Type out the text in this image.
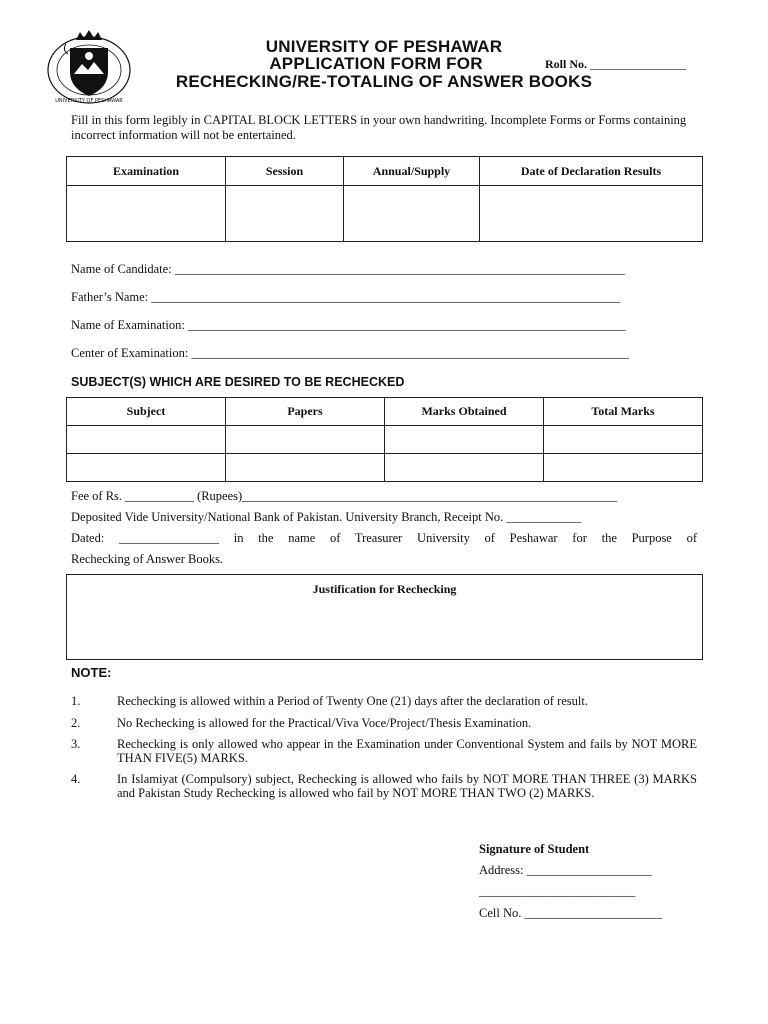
UNIVERSITY OF PESHAWAR
UNIVERSITY OF PESHAWAR
APPLICATION FORM FOR
RECHECKING/RE-TOTALING OF ANSWER BOOKS
Roll No. ________________
Fill in this form legibly in CAPITAL BLOCK LETTERS in your own handwriting. Incomplete Forms or Forms containing incorrect information will not be entertained.
Examination	Session	Annual/Supply	Date of Declaration Results

Name of Candidate: ________________________________________________________________________
Father’s Name: ___________________________________________________________________________
Name of Examination: ______________________________________________________________________
Center of Examination: ______________________________________________________________________
SUBJECT(S) WHICH ARE DESIRED TO BE RECHECKED
Subject	Papers	Marks Obtained	Total Marks

Fee of Rs. ___________ (Rupees)____________________________________________________________
Deposited Vide University/National Bank of Pakistan. University Branch, Receipt No. ____________
Dated: ________________ in the name of Treasurer University of Peshawar for the Purpose of
Rechecking of Answer Books.
Justification for Rechecking
NOTE:
1.	Rechecking is allowed within a Period of Twenty One (21) days after the declaration of result.
2.	No Rechecking is allowed for the Practical/Viva Voce/Project/Thesis Examination.
3.	Rechecking is only allowed who appear in the Examination under Conventional System and fails by NOT MORE THAN FIVE(5) MARKS.
4.	In Islamiyat (Compulsory) subject, Rechecking is allowed who fails by NOT MORE THAN THREE (3) MARKS and Pakistan Study Rechecking is allowed who fail by NOT MORE THAN TWO (2) MARKS.
Signature of Student
Address: ____________________
_________________________
Cell No. ______________________
